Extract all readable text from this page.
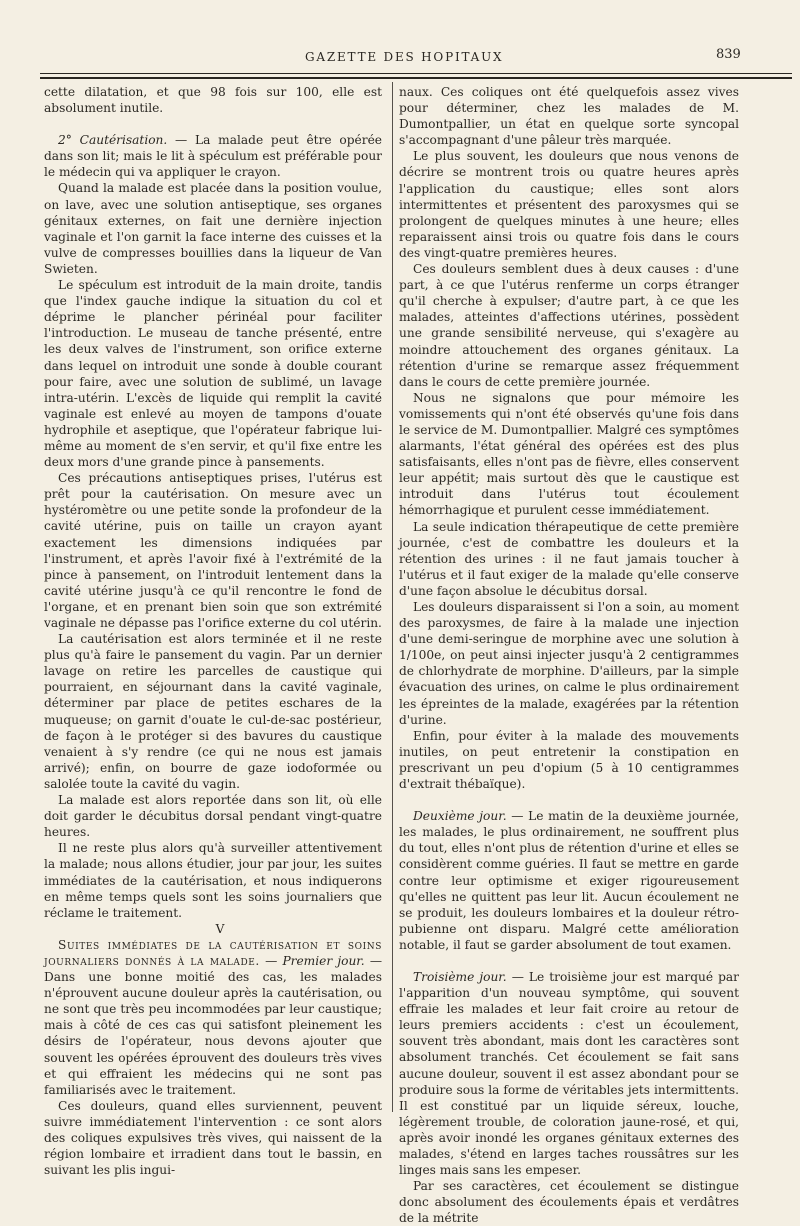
GAZETTE DES HOPITAUX	839

cette dilatation, et que 98 fois sur 100, elle est absolument inutile.

2° Cautérisation. — La malade peut être opérée dans son lit; mais le lit à spéculum est préférable pour le médecin qui va appliquer le crayon.

Quand la malade est placée dans la position voulue, on lave, avec une solution antiseptique, ses organes génitaux externes, on fait une dernière injection vaginale et l'on garnit la face interne des cuisses et la vulve de compresses bouillies dans la liqueur de Van Swieten.

Le spéculum est introduit de la main droite, tandis que l'index gauche indique la situation du col et déprime le plancher périnéal pour faciliter l'introduction. Le museau de tanche présenté, entre les deux valves de l'instrument, son orifice externe dans lequel on introduit une sonde à double courant pour faire, avec une solution de sublimé, un lavage intra-utérin. L'excès de liquide qui remplit la cavité vaginale est enlevé au moyen de tampons d'ouate hydrophile et aseptique, que l'opérateur fabrique lui-même au moment de s'en servir, et qu'il fixe entre les deux mors d'une grande pince à pansements.

Ces précautions antiseptiques prises, l'utérus est prêt pour la cautérisation. On mesure avec un hystéromètre ou une petite sonde la profondeur de la cavité utérine, puis on taille un crayon ayant exactement les dimensions indiquées par l'instrument, et après l'avoir fixé à l'extrémité de la pince à pansement, on l'introduit lentement dans la cavité utérine jusqu'à ce qu'il rencontre le fond de l'organe, et en prenant bien soin que son extrémité vaginale ne dépasse pas l'orifice externe du col utérin.

La cautérisation est alors terminée et il ne reste plus qu'à faire le pansement du vagin. Par un dernier lavage on retire les parcelles de caustique qui pourraient, en séjournant dans la cavité vaginale, déterminer par place de petites eschares de la muqueuse; on garnit d'ouate le cul-de-sac postérieur, de façon à le protéger si des bavures du caustique venaient à s'y rendre (ce qui ne nous est jamais arrivé); enfin, on bourre de gaze iodoformée ou salolée toute la cavité du vagin.

La malade est alors reportée dans son lit, où elle doit garder le décubitus dorsal pendant vingt-quatre heures.

Il ne reste plus alors qu'à surveiller attentivement la malade; nous allons étudier, jour par jour, les suites immédiates de la cautérisation, et nous indiquerons en même temps quels sont les soins journaliers que réclame le traitement.

V

Suites immédiates de la cautérisation et soins journaliers donnés à la malade. — Premier jour. —Dans une bonne moitié des cas, les malades n'éprouvent aucune douleur après la cautérisation, ou ne sont que très peu incommodées par leur caustique; mais à côté de ces cas qui satisfont pleinement les désirs de l'opérateur, nous devons ajouter que souvent les opérées éprouvent des douleurs très vives et qui effraient les médecins qui ne sont pas familiarisés avec le traitement.

Ces douleurs, quand elles surviennent, peuvent suivre immédiatement l'intervention : ce sont alors des coliques expulsives très vives, qui naissent de la région lombaire et irradient dans tout le bassin, en suivant les plis ingui-

naux. Ces coliques ont été quelquefois assez vives pour déterminer, chez les malades de M. Dumontpallier, un état en quelque sorte syncopal s'accompagnant d'une pâleur très marquée.

Le plus souvent, les douleurs que nous venons de décrire se montrent trois ou quatre heures après l'application du caustique; elles sont alors intermittentes et présentent des paroxysmes qui se prolongent de quelques minutes à une heure; elles reparaissent ainsi trois ou quatre fois dans le cours des vingt-quatre premières heures.

Ces douleurs semblent dues à deux causes : d'une part, à ce que l'utérus renferme un corps étranger qu'il cherche à expulser; d'autre part, à ce que les malades, atteintes d'affections utérines, possèdent une grande sensibilité nerveuse, qui s'exagère au moindre attouchement des organes génitaux. La rétention d'urine se remarque assez fréquemment dans le cours de cette première journée.

Nous ne signalons que pour mémoire les vomissements qui n'ont été observés qu'une fois dans le service de M. Dumontpallier. Malgré ces symptômes alarmants, l'état général des opérées est des plus satisfaisants, elles n'ont pas de fièvre, elles conservent leur appétit; mais surtout dès que le caustique est introduit dans l'utérus tout écoulement hémorrhagique et purulent cesse immédiatement.

La seule indication thérapeutique de cette première journée, c'est de combattre les douleurs et la rétention des urines : il ne faut jamais toucher à l'utérus et il faut exiger de la malade qu'elle conserve d'une façon absolue le décubitus dorsal.

Les douleurs disparaissent si l'on a soin, au moment des paroxysmes, de faire à la malade une injection d'une demi-seringue de morphine avec une solution à 1/100e, on peut ainsi injecter jusqu'à 2 centigrammes de chlorhydrate de morphine. D'ailleurs, par la simple évacuation des urines, on calme le plus ordinairement les épreintes de la malade, exagérées par la rétention d'urine.

Enfin, pour éviter à la malade des mouvements inutiles, on peut entretenir la constipation en prescrivant un peu d'opium (5 à 10 centigrammes d'extrait thébaïque).

Deuxième jour. — Le matin de la deuxième journée, les malades, le plus ordinairement, ne souffrent plus du tout, elles n'ont plus de rétention d'urine et elles se considèrent comme guéries. Il faut se mettre en garde contre leur optimisme et exiger rigoureusement qu'elles ne quittent pas leur lit. Aucun écoulement ne se produit, les douleurs lombaires et la douleur rétro-pubienne ont disparu. Malgré cette amélioration notable, il faut se garder absolument de tout examen.

Troisième jour. — Le troisième jour est marqué par l'apparition d'un nouveau symptôme, qui souvent effraie les malades et leur fait croire au retour de leurs premiers accidents : c'est un écoulement, souvent très abondant, mais dont les caractères sont absolument tranchés. Cet écoulement se fait sans aucune douleur, souvent il est assez abondant pour se produire sous la forme de véritables jets intermittents. Il est constitué par un liquide séreux, louche, légèrement trouble, de coloration jaune-rosé, et qui, après avoir inondé les organes génitaux externes des malades, s'étend en larges taches roussâtres sur les linges mais sans les empeser.

Par ses caractères, cet écoulement se distingue donc absolument des écoulements épais et verdâtres de la métrite
